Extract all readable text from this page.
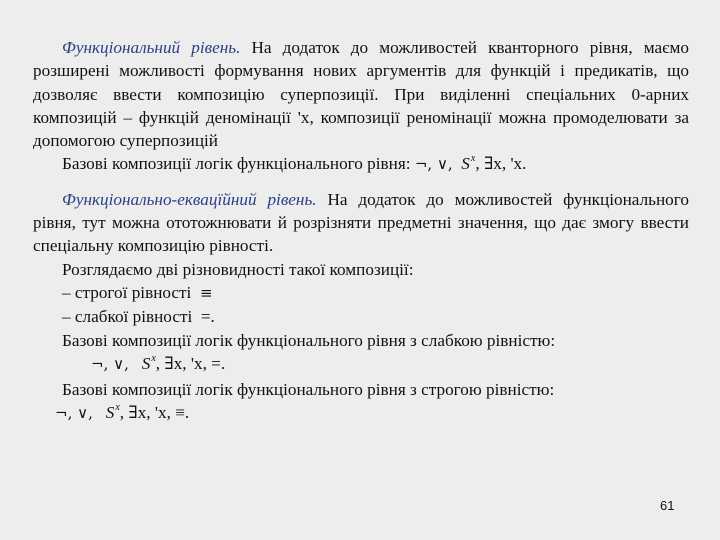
Функціональний рівень. На додаток до можливостей кванторного рівня, маємо розширені можливості формування нових аргументів для функцій і предикатів, що дозволяє ввести композицію суперпозиції. При виділенні спеціальних 0-арних композицій – функцій деномінації 'x, композиції реномінації можна промоделювати за допомогою суперпозицій

Базові композиції логік функціонального рівня: ¬, ∨, $S^x$, ∃x, 'x.

Функціонально-еквацїйний рівень. На додаток до можливостей функціонального рівня, тут можна ототожнювати й розрізняти предметні значення, що дає змогу ввести спеціальну композицію рівності.

Розглядаємо дві різновидності такої композиції:

– строгої рівності ≡

– слабкої рівності =.

Базові композиції логік функціонального рівня з слабкою рівністю:

¬, ∨, $S^x$, ∃x, 'x, =.

Базові композиції логік функціонального рівня з строгою рівністю:

¬, ∨, $S^x$, ∃x, 'x, ≡.

61
